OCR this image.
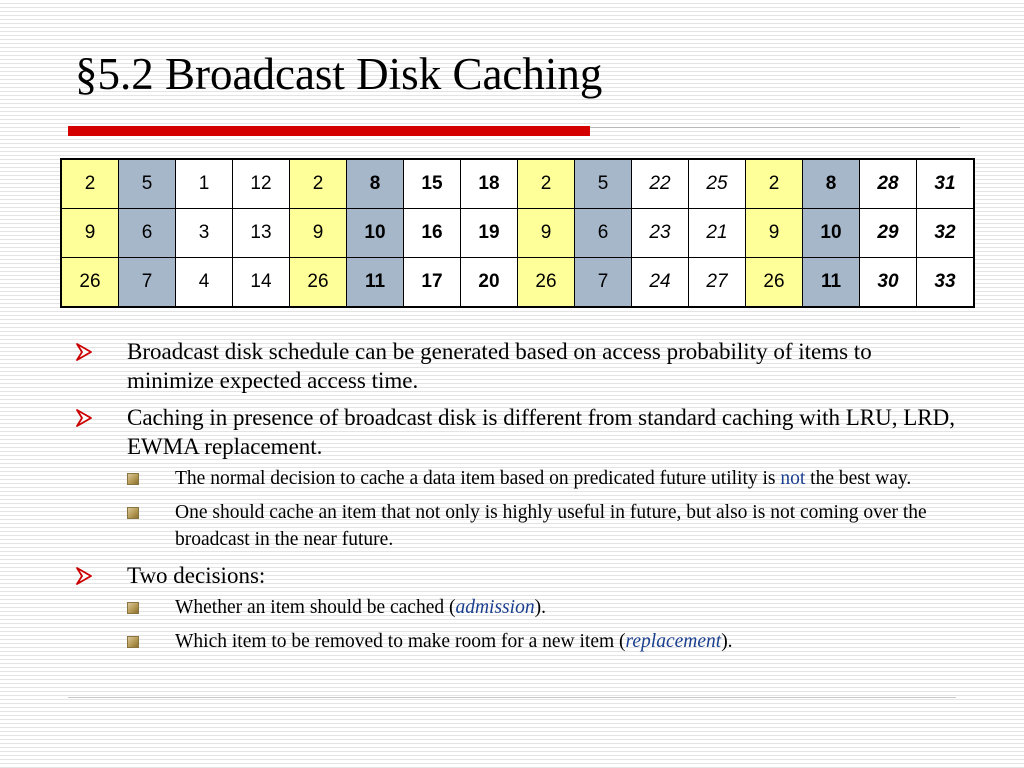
§5.2 Broadcast Disk Caching
2	5	1	12	2	8	15	18	2	5	22	25	2	8	28	31
9	6	3	13	9	10	16	19	9	6	23	21	9	10	29	32
26	7	4	14	26	11	17	20	26	7	24	27	26	11	30	33
Broadcast disk schedule can be generated based on access probability of items to minimize expected access time.
Caching in presence of broadcast disk is different from standard caching with LRU, LRD, EWMA replacement.
The normal decision to cache a data item based on predicated future utility is not the best way.
One should cache an item that not only is highly useful in future, but also is not coming over the broadcast in the near future.
Two decisions:
Whether an item should be cached (admission).
Which item to be removed to make room for a new item (replacement).
